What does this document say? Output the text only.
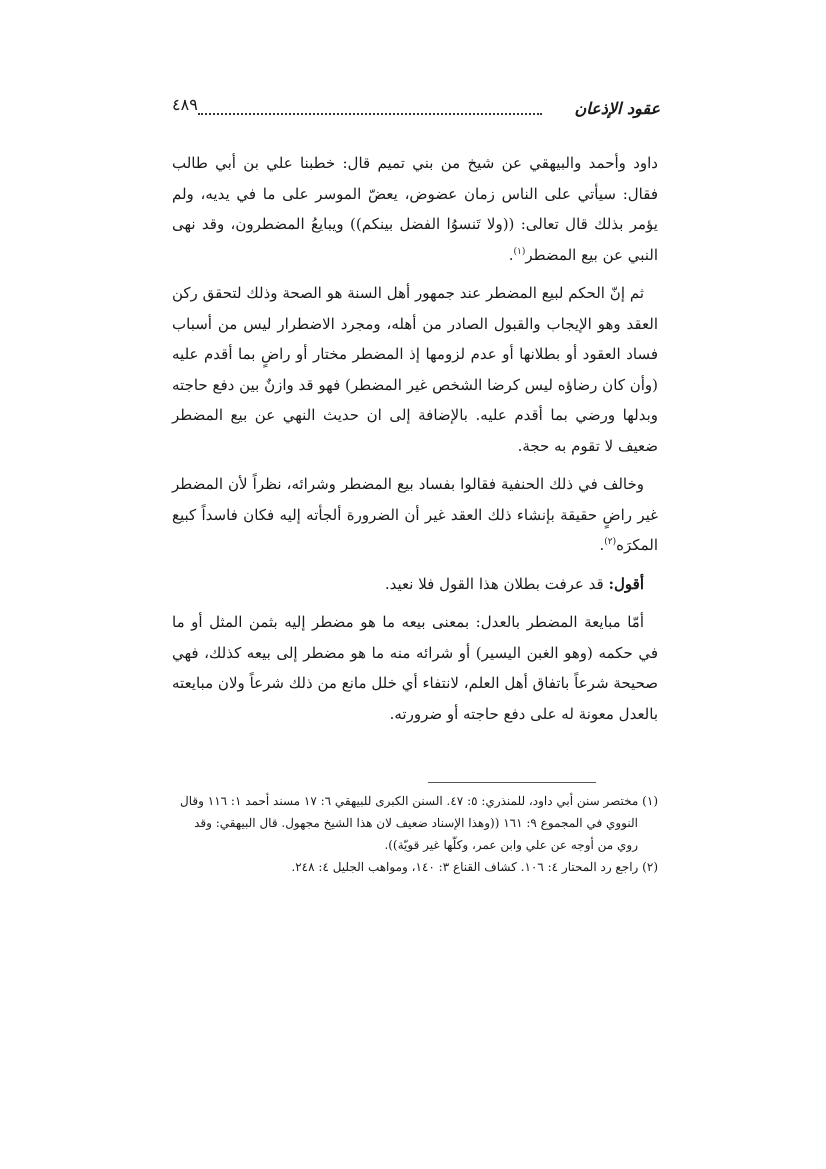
عقود الإذعان
٤٨٩

داود وأحمد والبيهقي عن شيخ من بني تميم قال: خطبنا علي بن أبي طالب فقال: سيأتي على الناس زمان عضوض، يعضّ الموسر على ما في يديه، ولم يؤمر بذلك قال تعالى: ((ولا تَنسوُا الفضل بينكم)) ويبايعُ المضطرون، وقد نهى النبي عن بيع المضطر$^{(١)}$.

ثم إنّ الحكم لبيع المضطر عند جمهور أهل السنة هو الصحة وذلك لتحقق ركن العقد وهو الإيجاب والقبول الصادر من أهله، ومجرد الاضطرار ليس من أسباب فساد العقود أو بطلانها أو عدم لزومها إذ المضطر مختار أو راضٍ بما أقدم عليه (وأن كان رضاؤه ليس كرضا الشخص غير المضطر) فهو قد وازنٌ بين دفع حاجته وبدلها ورضي بما أقدم عليه. بالإضافة إلى ان حديث النهي عن بيع المضطر ضعيف لا تقوم به حجة.

وخالف في ذلك الحنفية فقالوا بفساد بيع المضطر وشرائه، نظراً لأن المضطر غير راضٍ حقيقة بإنشاء ذلك العقد غير أن الضرورة ألجأته إليه فكان فاسداً كبيع المكرَه$^{(٢)}$.

أقول: قد عرفت بطلان هذا القول فلا نعيد.

أمّا مبايعة المضطر بالعدل: بمعنى بيعه ما هو مضطر إليه بثمن المثل أو ما في حكمه (وهو الغبن اليسير) أو شرائه منه ما هو مضطر إلى بيعه كذلك، فهي صحيحة شرعاً باتفاق أهل العلم، لانتفاء أي خلل مانع من ذلك شرعاً ولان مبايعته بالعدل معونة له على دفع حاجته أو ضرورته.

(١) مختصر سنن أبي داود، للمنذري: ٥: ٤٧. السنن الكبرى للبيهقي ٦: ١٧ مسند أحمد ١: ١١٦ وقال

النووي في المجموع ٩: ١٦١ ((وهذا الإسناد ضعيف لان هذا الشيخ مجهول. قال البيهقي: وقد

روي من أوجه عن علي وابن عمر، وكلّها غير قويّة)).

(٢) راجع رد المحتار ٤: ١٠٦. كشاف القناع ٣: ١٤٠، ومواهب الجليل ٤: ٢٤٨.
